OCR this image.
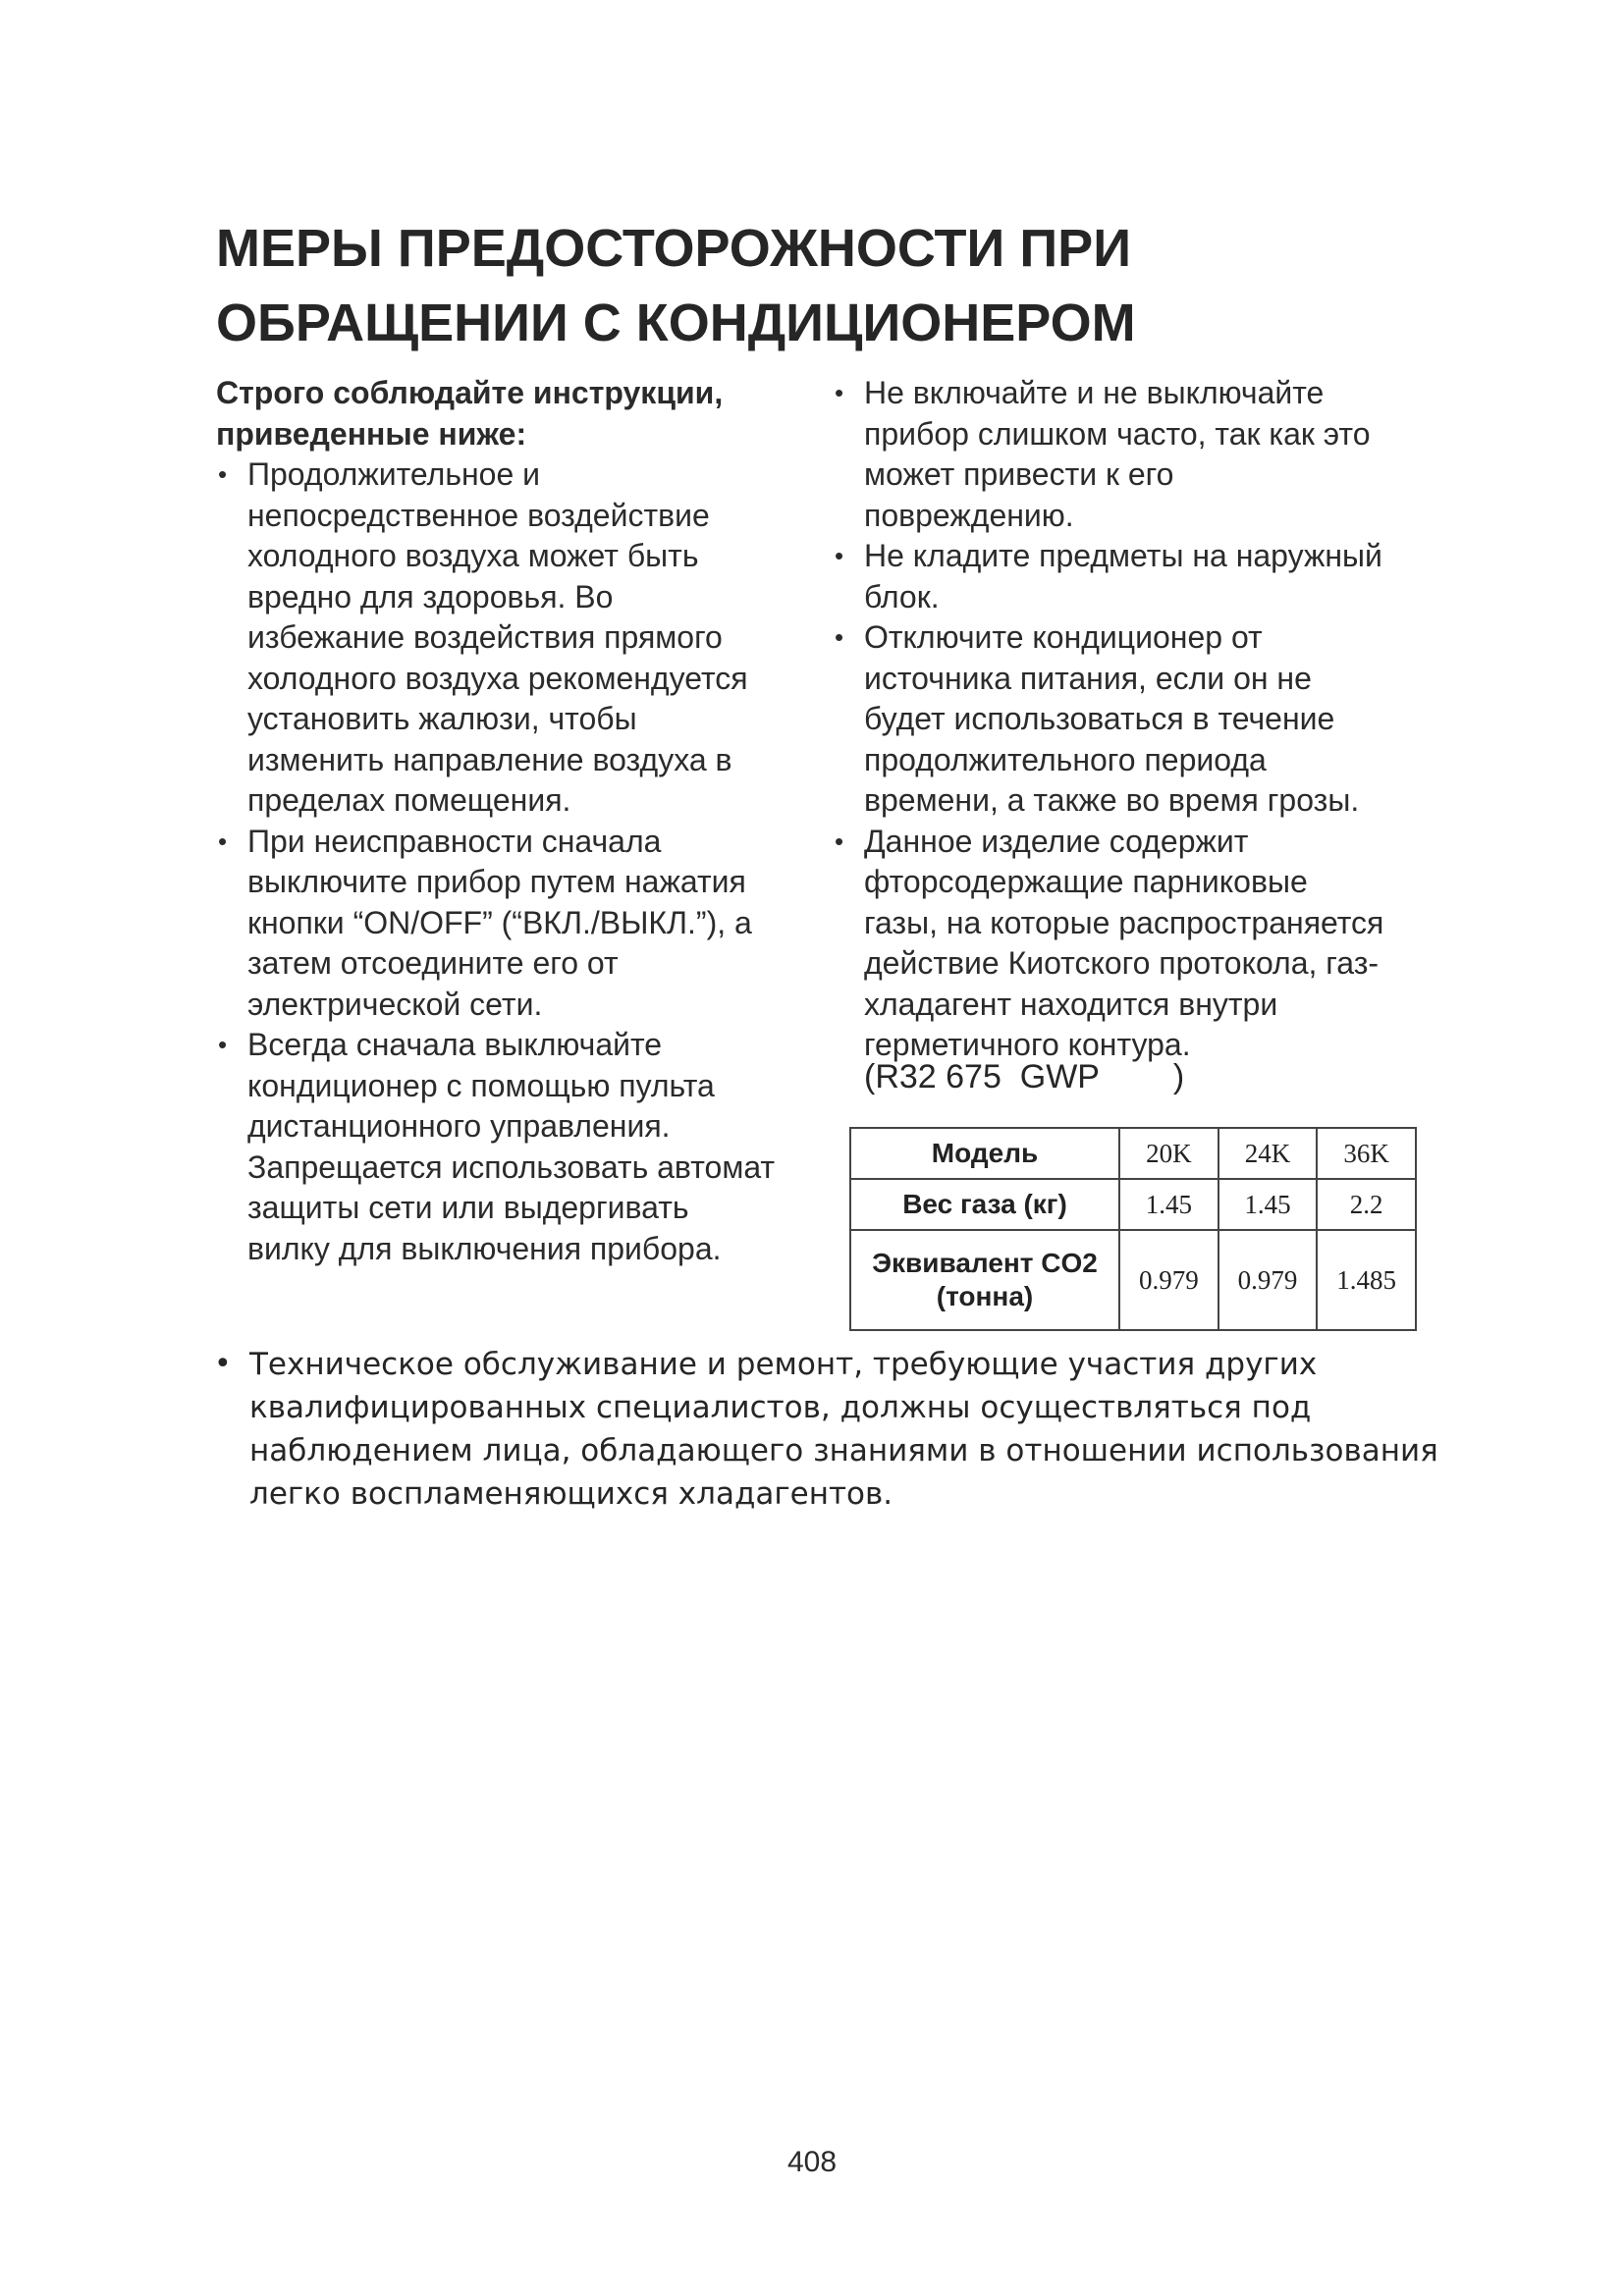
МЕРЫ ПРЕДОСТОРОЖНОСТИ ПРИ
ОБРАЩЕНИИ С КОНДИЦИОНЕРОМ
Строго соблюдайте инструкции,
приведенные ниже:
• Продолжительное и
непосредственное воздействие
холодного воздуха может быть
вредно для здоровья. Во
избежание воздействия прямого
холодного воздуха рекомендуется
установить жалюзи, чтобы
изменить направление воздуха в
пределах помещения.
• При неисправности сначала
выключите прибор путем нажатия
кнопки “ON/OFF” (“ВКЛ./ВЫКЛ.”), а
затем отсоедините его от
электрической сети.
• Всегда сначала выключайте
кондиционер с помощью пульта
дистанционного управления.
Запрещается использовать автомат
защиты сети или выдергивать
вилку для выключения прибора.
• Не включайте и не выключайте
прибор слишком часто, так как это
может привести к его
повреждению.
• Не кладите предметы на наружный
блок.
• Отключите кондиционер от
источника питания, если он не
будет использоваться в течение
продолжительного периода
времени, а также во время грозы.
• Данное изделие содержит
фторсодержащие парниковые
газы, на которые распространяется
действие Киотского протокола, газ-
хладагент находится внутри
герметичного контура.
(R32 675  GWP        )
Модель	20K	24K	36K
Вес газа (кг)	1.45	1.45	2.2

Эквивалент CO2
(тонна)	0.979	0.979	1.485
• Техническое обслуживание и ремонт, требующие участия других
квалифицированных специалистов, должны осуществляться под
наблюдением лица, обладающего знаниями в отношении использования
легко воспламеняющихся хладагентов.
408
